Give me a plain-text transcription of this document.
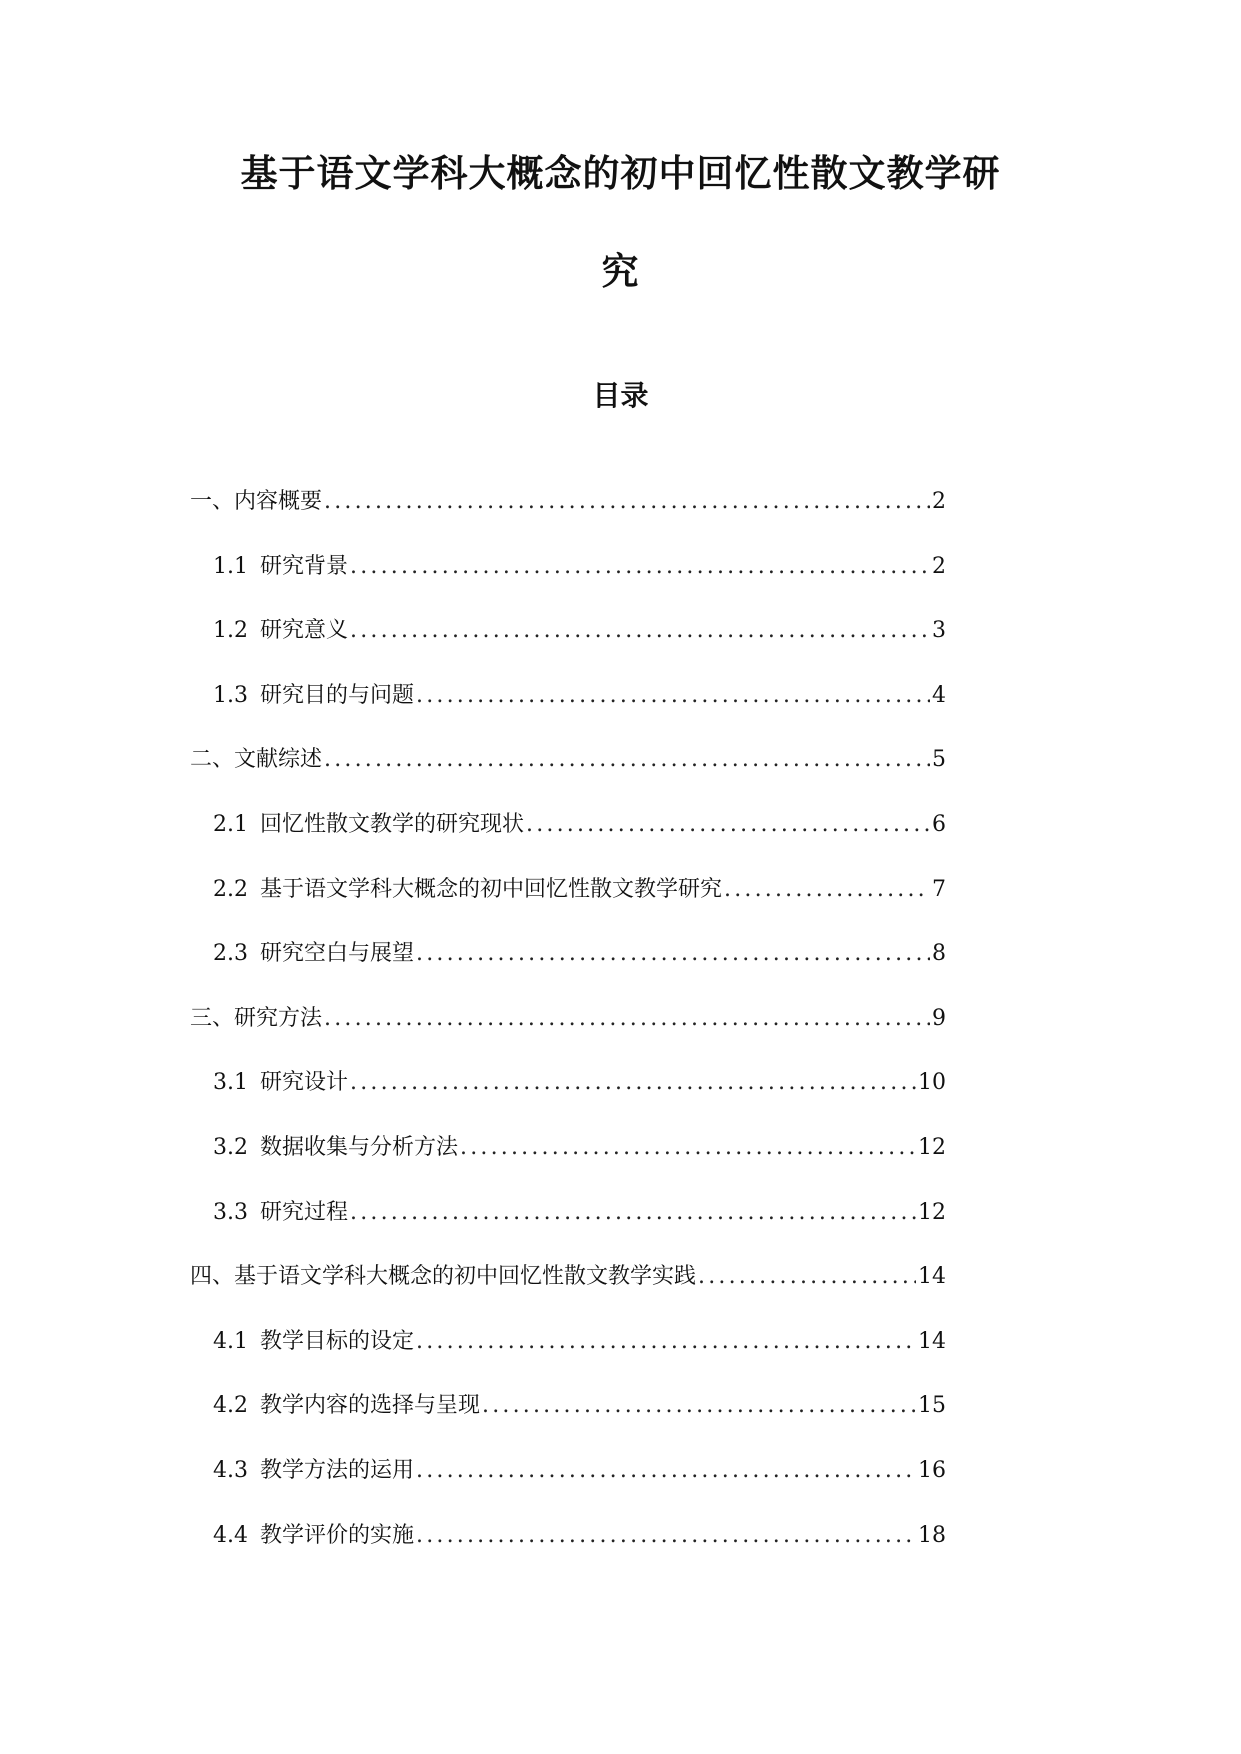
基于语文学科大概念的初中回忆性散文教学研
究
目录
一、内容概要 .....	2
1.1 研究背景 .....	2
1.2 研究意义 .....	3
1.3 研究目的与问题 .....	4
二、文献综述 .....	5
2.1 回忆性散文教学的研究现状 .....	6
2.2 基于语文学科大概念的初中回忆性散文教学研究 .....	7
2.3 研究空白与展望 .....	8
三、研究方法 .....	9
3.1 研究设计 .....	10
3.2 数据收集与分析方法 .....	12
3.3 研究过程 .....	12
四、基于语文学科大概念的初中回忆性散文教学实践 .....	14
4.1 教学目标的设定 .....	14
4.2 教学内容的选择与呈现 .....	15
4.3 教学方法的运用 .....	16
4.4 教学评价的实施 .....	18
